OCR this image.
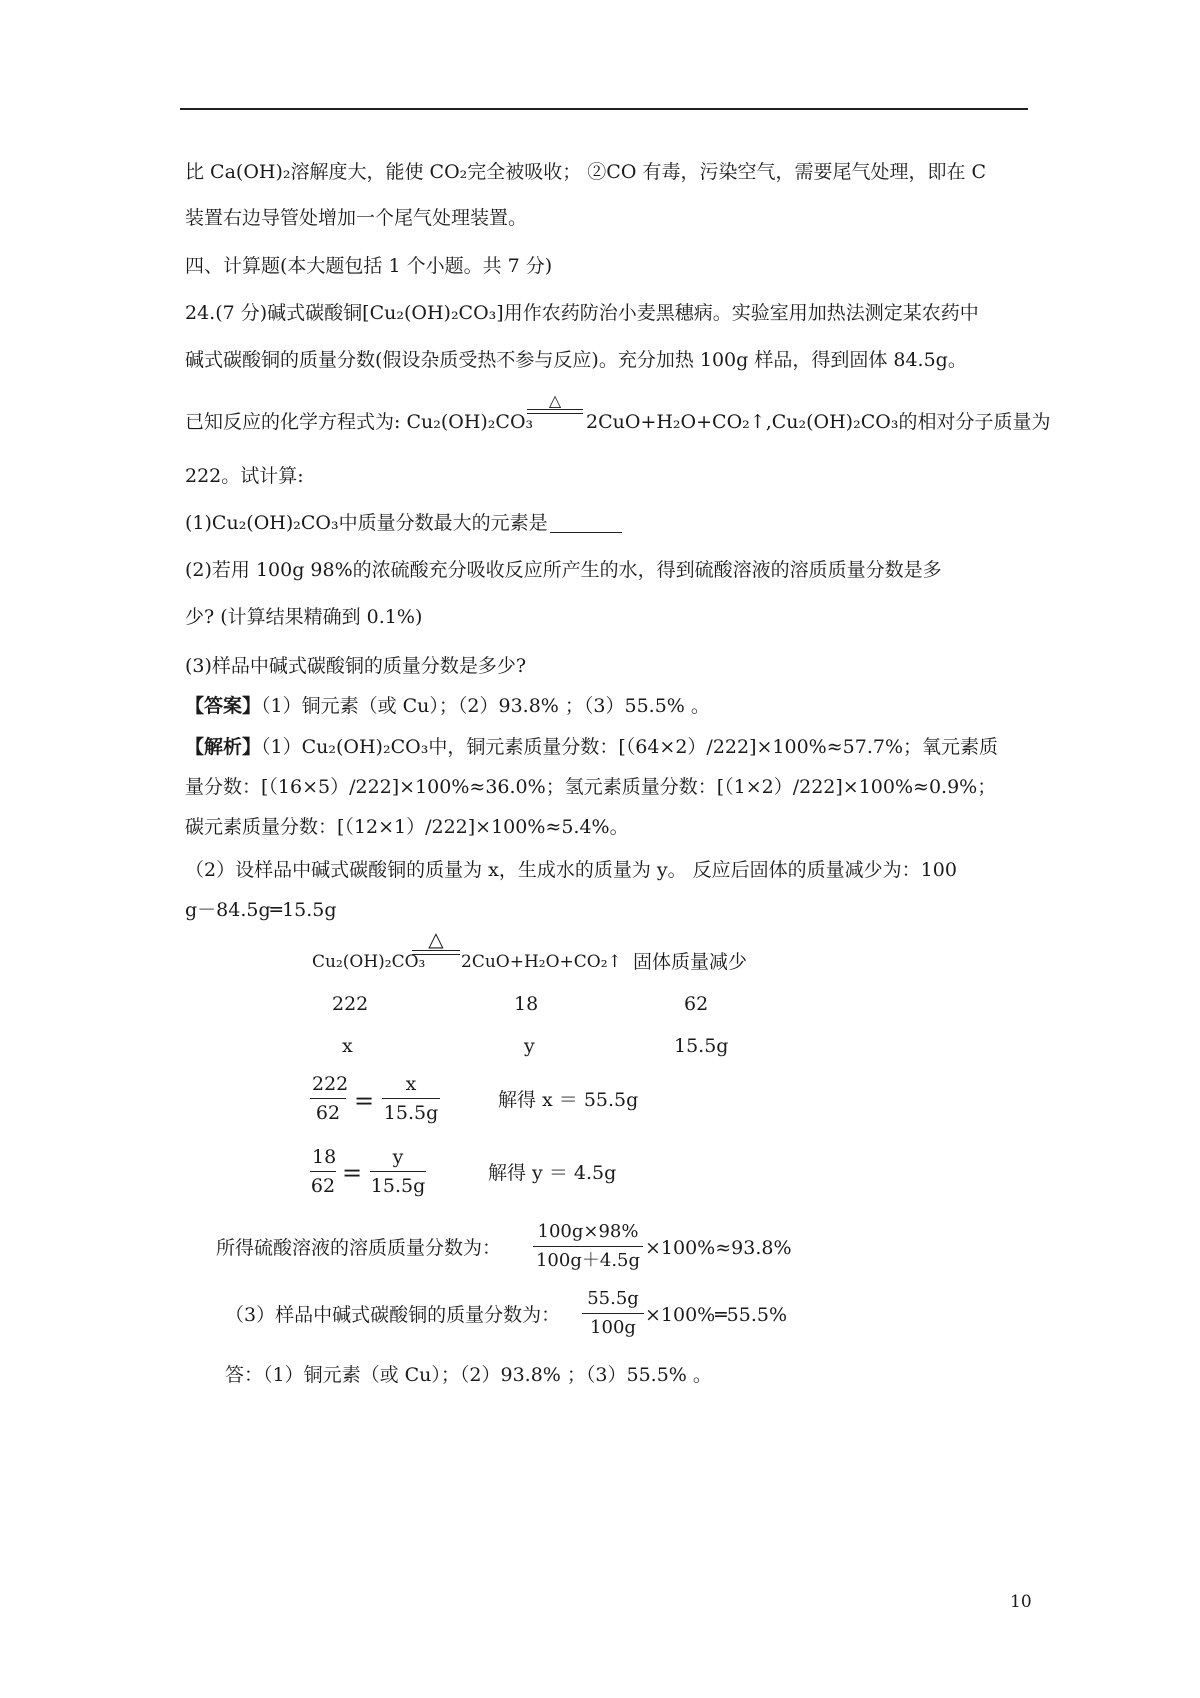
比 Ca(OH)₂溶解度大，能使 CO₂完全被吸收； ②CO 有毒，污染空气，需要尾气处理，即在 C
装置右边导管处增加一个尾气处理装置。
四、计算题(本大题包括 1 个小题。共 7 分)
24.(7 分)碱式碳酸铜[Cu₂(OH)₂CO₃]用作农药防治小麦黑穗病。实验室用加热法测定某农药中
碱式碳酸铜的质量分数(假设杂质受热不参与反应)。充分加热 100g 样品，得到固体 84.5g。
已知反应的化学方程式为: Cu₂(OH)₂CO₃
△
2CuO+H₂O+CO₂↑,Cu₂(OH)₂CO₃的相对分子质量为
222。试计算:
(1)Cu₂(OH)₂CO₃中质量分数最大的元素是
(2)若用 100g 98%的浓硫酸充分吸收反应所产生的水，得到硫酸溶液的溶质质量分数是多
少? (计算结果精确到 0.1%)
(3)样品中碱式碳酸铜的质量分数是多少?
【答案】（1）铜元素（或 Cu）；（2）93.8% ；（3）55.5% 。
【解析】（1）Cu₂(OH)₂CO₃中，铜元素质量分数：[（64×2）/222]×100%≈57.7%；氧元素质
量分数：[（16×5）/222]×100%≈36.0%；氢元素质量分数：[（1×2）/222]×100%≈0.9%；
碳元素质量分数：[（12×1）/222]×100%≈5.4%。
（2）设样品中碱式碳酸铜的质量为 x，生成水的质量为 y。 反应后固体的质量减少为：100
g－84.5g═15.5g
Cu₂(OH)₂CO₃
△
2CuO+H₂O+CO₂↑ 固体质量减少
222	18	62
x	y	15.5g
$\frac{222}{62} = \frac{x}{15.5g}$	解得 x ＝ 55.5g
$\frac{18}{62} = \frac{y}{15.5g}$	解得 y ＝ 4.5g
所得硫酸溶液的溶质质量分数为： $\frac{100g\times 98\%}{100g+4.5g} \times 100\%\approx 93.8\%$
（3）样品中碱式碳酸铜的质量分数为： $\frac{55.5g}{100g}$ ×100%═55.5%
答：（1）铜元素（或 Cu）；（2）93.8% ；（3）55.5% 。
10
